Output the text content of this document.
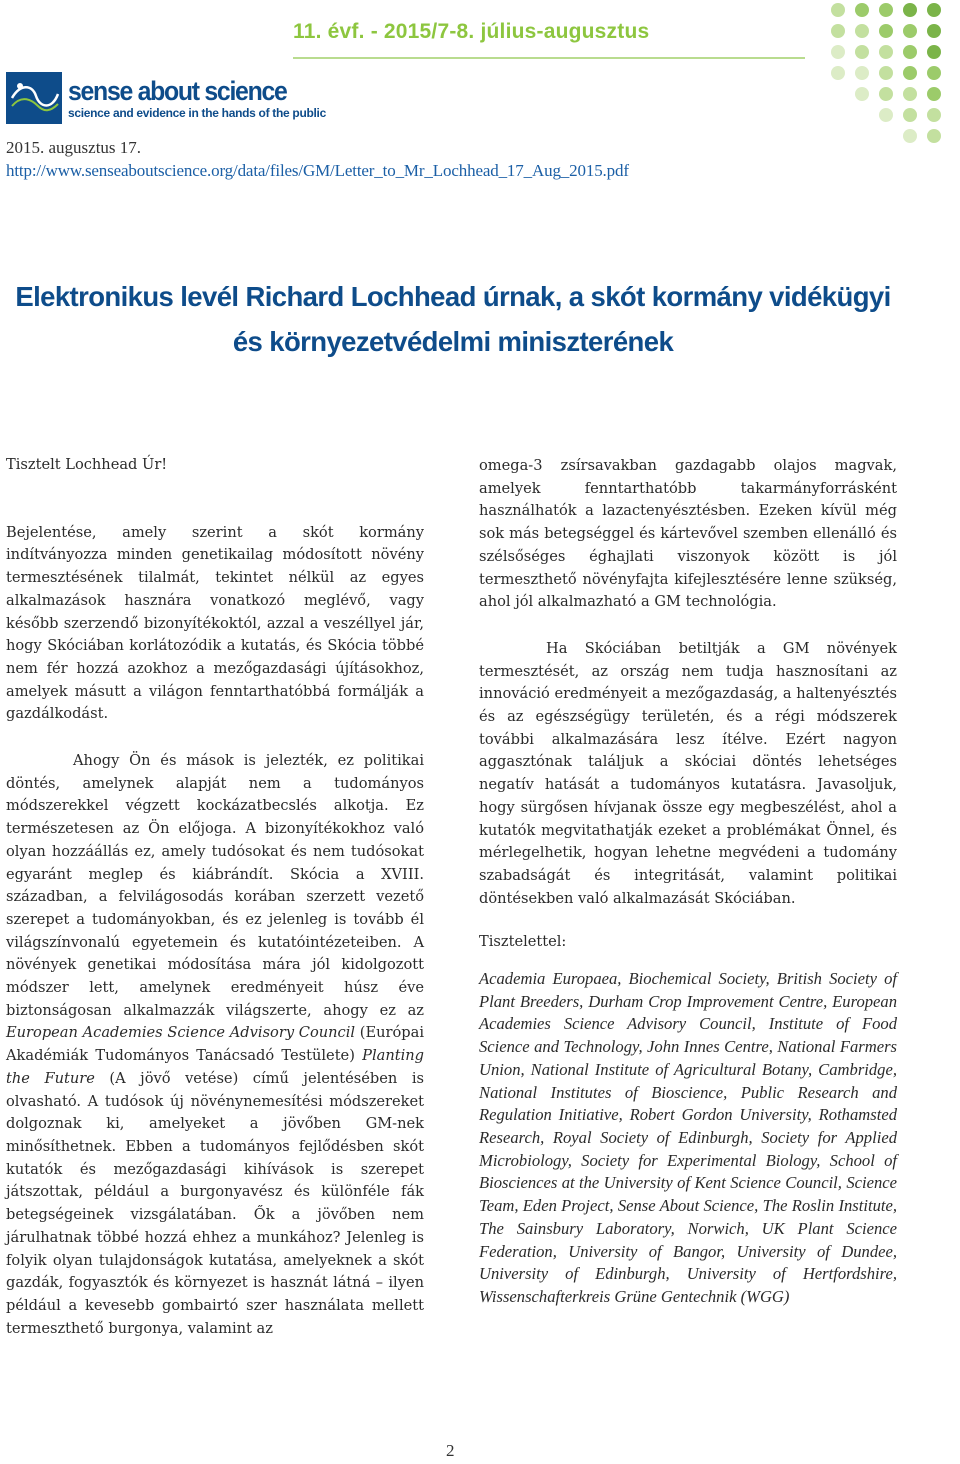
11. évf. - 2015/7-8. július-augusztus
sense about science
science and evidence in the hands of the public
2015. augusztus 17.
http://www.senseaboutscience.org/data/files/GM/Letter_to_Mr_Lochhead_17_Aug_2015.pdf
Elektronikus levél Richard Lochhead úrnak, a skót kormány vidékügyi és környezetvédelmi miniszterének

Tisztelt Lochhead Úr!

Bejelentése, amely szerint a skót kormány indítványozza minden genetikailag módosított növény termesztésének tilalmát, tekintet nélkül az egyes alkalmazások hasznára vonatkozó meglévő, vagy később szerzendő bizonyítékoktól, azzal a veszéllyel jár, hogy Skóciában korlátozódik a kutatás, és Skócia többé nem fér hozzá azokhoz a mezőgazdasági újításokhoz, amelyek másutt a világon fenntarthatóbbá formálják a gazdálkodást.

Ahogy Ön és mások is jelezték, ez politikai döntés, amelynek alapját nem a tudományos módszerekkel végzett kockázatbecslés alkotja. Ez természetesen az Ön előjoga. A bizonyítékokhoz való olyan hozzáállás ez, amely tudósokat és nem tudósokat egyaránt meglep és kiábrándít. Skócia a XVIII. században, a felvilágosodás korában szerzett vezető szerepet a tudományokban, és ez jelenleg is tovább él világszínvonalú egyetemein és kutatóintézeteiben. A növények genetikai módosítása mára jól kidolgozott módszer lett, amelynek eredményeit húsz éve biztonságosan alkalmazzák világszerte, ahogy ez az European Academies Science Advisory Council (Európai Akadémiák Tudományos Tanácsadó Testülete) Planting the Future (A jövő vetése) című jelentésében is olvasható. A tudósok új növénynemesítési módszereket dolgoznak ki, amelyeket a jövőben GM-nek minősíthetnek. Ebben a tudományos fejlődésben skót kutatók és mezőgazdasági kihívások is szerepet játszottak, például a burgonyavész és különféle fák betegségeinek vizsgálatában. Ők a jövőben nem járulhatnak többé hozzá ehhez a munkához? Jelenleg is folyik olyan tulajdonságok kutatása, amelyeknek a skót gazdák, fogyasztók és környezet is hasznát látná – ilyen például a kevesebb gombairtó szer használata mellett termeszthető burgonya, valamint az

omega-3 zsírsavakban gazdagabb olajos magvak, amelyek fenntarthatóbb takarmányforrásként használhatók a lazactenyésztésben. Ezeken kívül még sok más betegséggel és kártevővel szemben ellenálló és szélsőséges éghajlati viszonyok között is jól termeszthető növényfajta kifejlesztésére lenne szükség, ahol jól alkalmazható a GM technológia.

Ha Skóciában betiltják a GM növények termesztését, az ország nem tudja hasznosítani az innováció eredményeit a mezőgazdaság, a haltenyésztés és az egészségügy területén, és a régi módszerek további alkalmazására lesz ítélve. Ezért nagyon aggasztónak találjuk a skóciai döntés lehetséges negatív hatását a tudományos kutatásra. Javasoljuk, hogy sürgősen hívjanak össze egy megbeszélést, ahol a kutatók megvitathatják ezeket a problémákat Önnel, és mérlegelhetik, hogyan lehetne megvédeni a tudomány szabadságát és integritását, valamint politikai döntésekben való alkalmazását Skóciában.

Tisztelettel:

Academia Europaea, Biochemical Society, British Society of Plant Breeders, Durham Crop Improvement Centre, European Academies Science Advisory Council, Institute of Food Science and Technology, John Innes Centre, National Farmers Union, National Institute of Agricultural Botany, Cambridge, National Institutes of Bioscience, Public Research and Regulation Initiative, Robert Gordon University, Rothamsted Research, Royal Society of Edinburgh, Society for Applied Microbiology, Society for Experimental Biology, School of Biosciences at the University of Kent Science Council, Science Team, Eden Project, Sense About Science, The Roslin Institute, The Sainsbury Laboratory, Norwich, UK Plant Science Federation, University of Bangor, University of Dundee, University of Edinburgh, University of Hertfordshire, Wissenschafterkreis Grüne Gentechnik (WGG)

2
